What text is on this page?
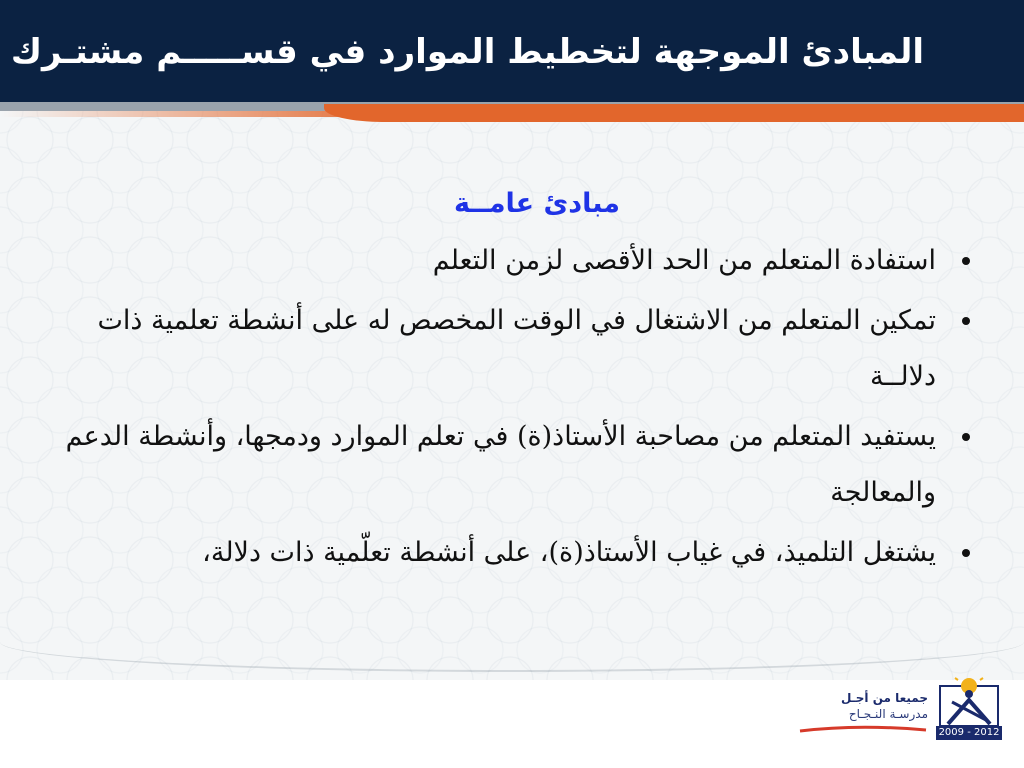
المبادئ الموجهة لتخطيط الموارد في قســـــم مشتـرك
مبادئ عامــة
استفادة المتعلم من الحد الأقصى لزمن التعلم
تمكين المتعلم من الاشتغال في الوقت المخصص له على أنشطة تعلمية ذات دلالــة
يستفيد المتعلم من مصاحبة الأستاذ(ة) في تعلم الموارد ودمجها، وأنشطة الدعم والمعالجة
يشتغل التلميذ، في غياب الأستاذ(ة)، على أنشطة تعلّمية ذات دلالة،
جميعا من أجـل
مدرسـة النـجـاح
2009 - 2012
